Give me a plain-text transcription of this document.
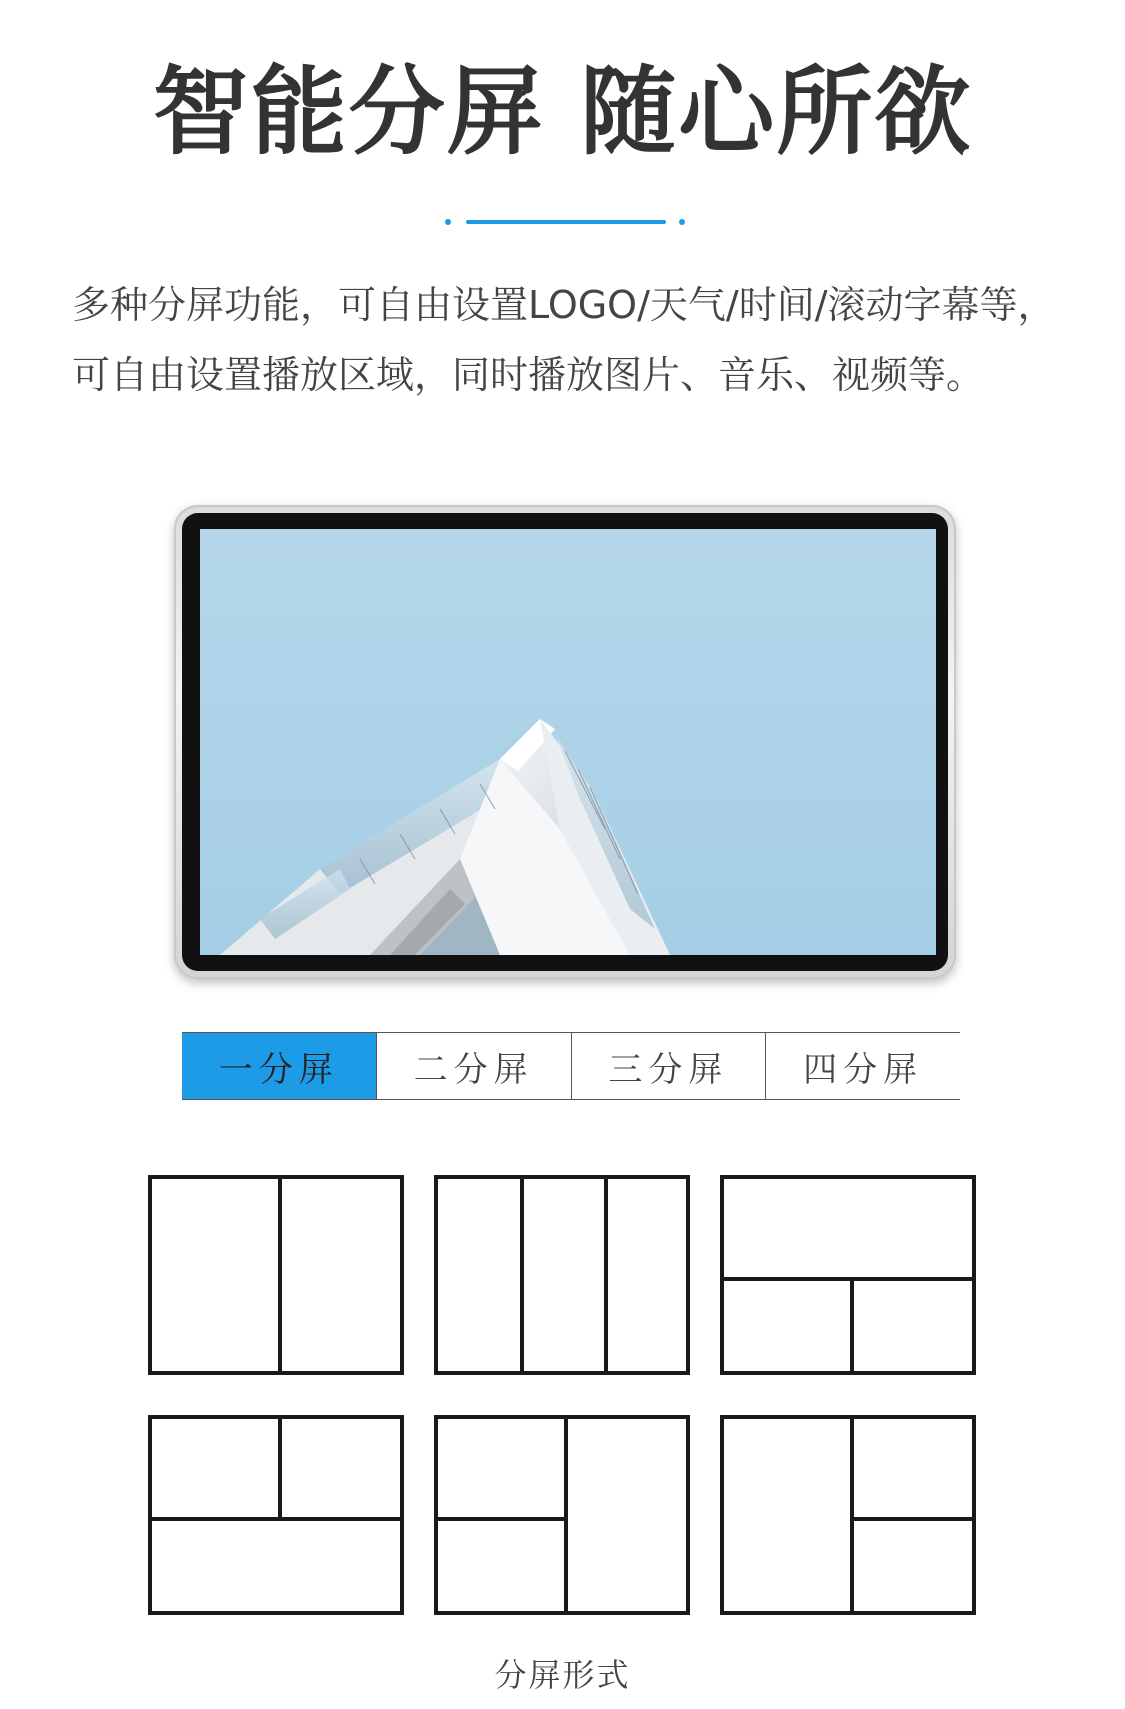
智能分屏 随心所欲
多种分屏功能，可自由设置LOGO/天气/时间/滚动字幕等，可自由设置播放区域，同时播放图片、音乐、视频等。
一分屏	二分屏	三分屏	四分屏
分屏形式
